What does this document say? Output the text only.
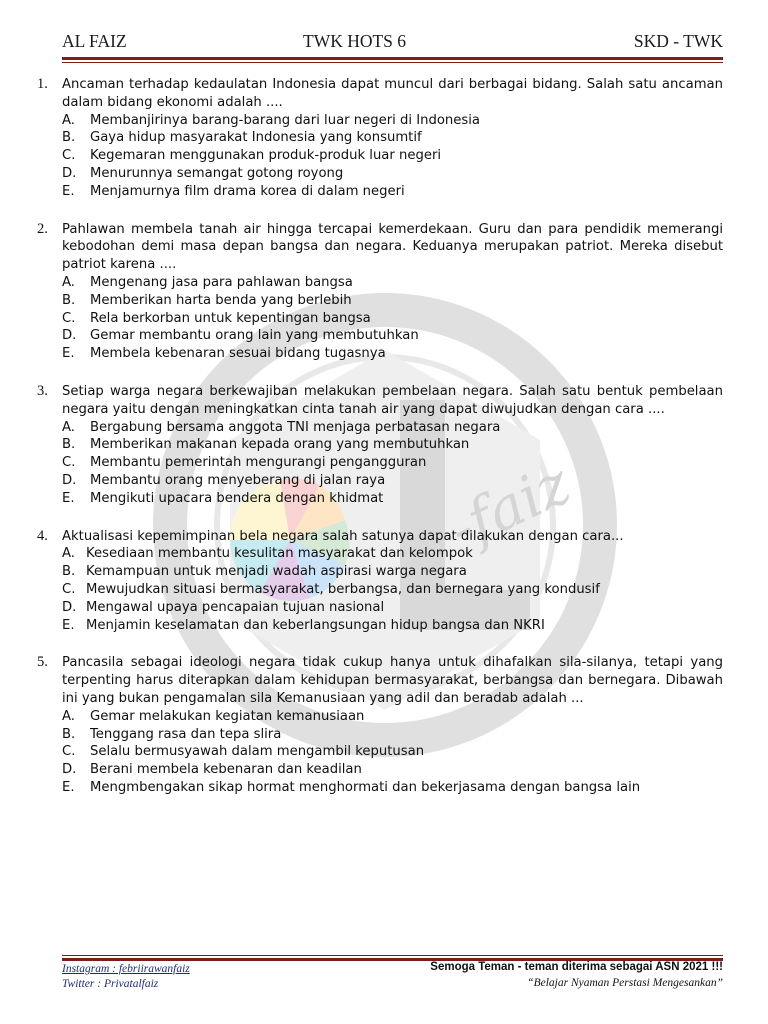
-faiz
AL FAIZ	TWK HOTS 6	SKD - TWK
1. Ancaman terhadap kedaulatan Indonesia dapat muncul dari berbagai bidang. Salah satu ancaman dalam bidang ekonomi adalah ....
A. Membanjirinya barang-barang dari luar negeri di Indonesia
B. Gaya hidup masyarakat Indonesia yang konsumtif
C. Kegemaran menggunakan produk-produk luar negeri
D. Menurunnya semangat gotong royong
E. Menjamurnya film drama korea di dalam negeri
2. Pahlawan membela tanah air hingga tercapai kemerdekaan. Guru dan para pendidik memerangi kebodohan demi masa depan bangsa dan negara. Keduanya merupakan patriot. Mereka disebut patriot karena ....
A. Mengenang jasa para pahlawan bangsa
B. Memberikan harta benda yang berlebih
C. Rela berkorban untuk kepentingan bangsa
D. Gemar membantu orang lain yang membutuhkan
E. Membela kebenaran sesuai bidang tugasnya
3. Setiap warga negara berkewajiban melakukan pembelaan negara. Salah satu bentuk pembelaan negara yaitu dengan meningkatkan cinta tanah air yang dapat diwujudkan dengan cara ....
A. Bergabung bersama anggota TNI menjaga perbatasan negara
B. Memberikan makanan kepada orang yang membutuhkan
C. Membantu pemerintah mengurangi pengangguran
D. Membantu orang menyeberang di jalan raya
E. Mengikuti upacara bendera dengan khidmat
4. Aktualisasi kepemimpinan bela negara salah satunya dapat dilakukan dengan cara...
A. Kesediaan membantu kesulitan masyarakat dan kelompok
B. Kemampuan untuk menjadi wadah aspirasi warga negara
C. Mewujudkan situasi bermasyarakat, berbangsa, dan bernegara yang kondusif
D. Mengawal upaya pencapaian tujuan nasional
E. Menjamin keselamatan dan keberlangsungan hidup bangsa dan NKRI
5. Pancasila sebagai ideologi negara tidak cukup hanya untuk dihafalkan sila-silanya, tetapi yang terpenting harus diterapkan dalam kehidupan bermasyarakat, berbangsa dan bernegara. Dibawah ini yang bukan pengamalan sila Kemanusiaan yang adil dan beradab adalah ...
A. Gemar melakukan kegiatan kemanusiaan
B. Tenggang rasa dan tepa slira
C. Selalu bermusyawah dalam mengambil keputusan
D. Berani membela kebenaran dan keadilan
E. Mengmbengakan sikap hormat menghormati dan bekerjasama dengan bangsa lain
Instagram : febriirawanfaiz
Twitter : Privatalfaiz
Semoga Teman - teman diterima sebagai ASN 2021 !!!
“Belajar Nyaman Perstasi Mengesankan”
